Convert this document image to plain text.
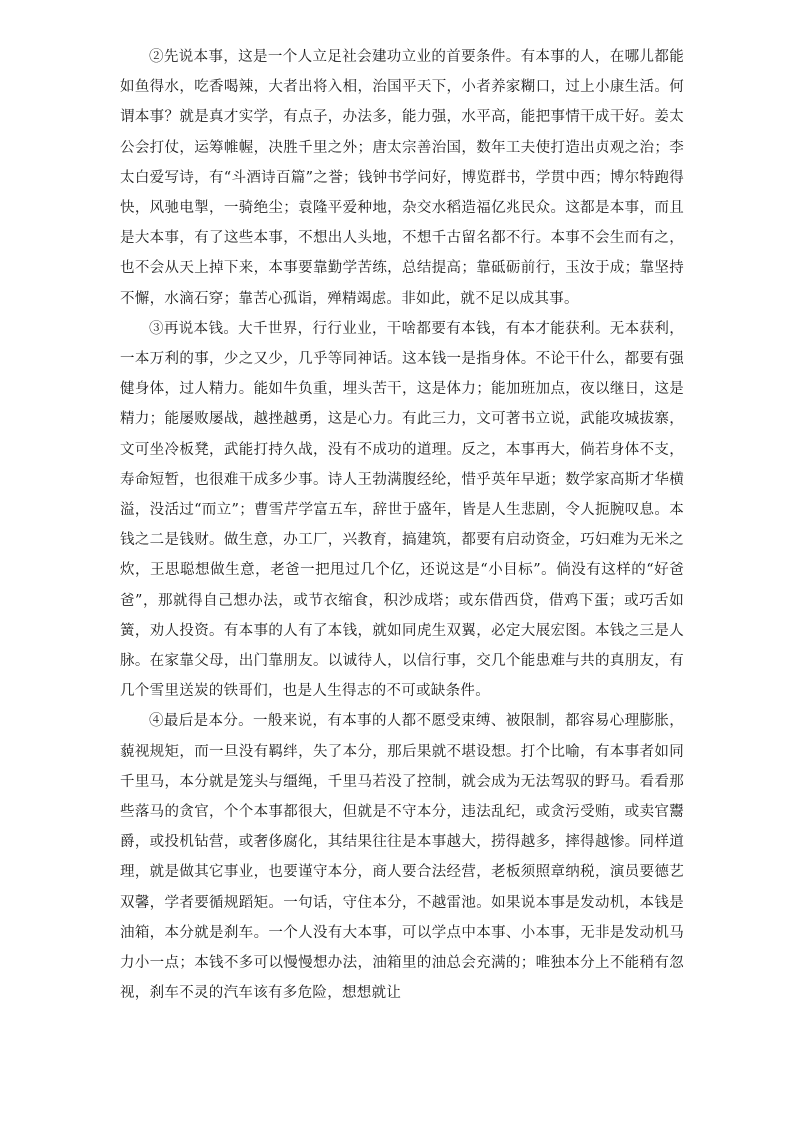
②先说本事，这是一个人立足社会建功立业的首要条件。有本事的人，在哪儿都能如鱼得水，吃香喝辣，大者出将入相，治国平天下，小者养家糊口，过上小康生活。何谓本事？就是真才实学，有点子，办法多，能力强，水平高，能把事情干成干好。姜太公会打仗，运筹帷幄，决胜千里之外；唐太宗善治国，数年工夫使打造出贞观之治；李太白爱写诗，有“斗酒诗百篇”之誉；钱钟书学问好，博览群书，学贯中西；博尔特跑得快，风驰电掣，一骑绝尘；袁隆平爱种地，杂交水稻造福亿兆民众。这都是本事，而且是大本事，有了这些本事，不想出人头地，不想千古留名都不行。本事不会生而有之，也不会从天上掉下来，本事要靠勤学苦练，总结提高；靠砥砺前行，玉汝于成；靠坚持不懈，水滴石穿；靠苦心孤诣，殚精竭虑。非如此，就不足以成其事。

③再说本钱。大千世界，行行业业，干啥都要有本钱，有本才能获利。无本获利，一本万利的事，少之又少，几乎等同神话。这本钱一是指身体。不论干什么，都要有强健身体，过人精力。能如牛负重，埋头苦干，这是体力；能加班加点，夜以继日，这是精力；能屡败屡战，越挫越勇，这是心力。有此三力，文可著书立说，武能攻城拔寨，文可坐冷板凳，武能打持久战，没有不成功的道理。反之，本事再大，倘若身体不支，寿命短暂，也很难干成多少事。诗人王勃满腹经纶，惜乎英年早逝；数学家高斯才华横溢，没活过“而立”；曹雪芹学富五车，辞世于盛年，皆是人生悲剧，令人扼腕叹息。本钱之二是钱财。做生意，办工厂，兴教育，搞建筑，都要有启动资金，巧妇难为无米之炊，王思聪想做生意，老爸一把甩过几个亿，还说这是“小目标”。倘没有这样的“好爸爸”，那就得自己想办法，或节衣缩食，积沙成塔；或东借西贷，借鸡下蛋；或巧舌如簧，劝人投资。有本事的人有了本钱，就如同虎生双翼，必定大展宏图。本钱之三是人脉。在家靠父母，出门靠朋友。以诚待人，以信行事，交几个能患难与共的真朋友，有几个雪里送炭的铁哥们，也是人生得志的不可或缺条件。

④最后是本分。一般来说，有本事的人都不愿受束缚、被限制，都容易心理膨胀，藐视规矩，而一旦没有羁绊，失了本分，那后果就不堪设想。打个比喻，有本事者如同千里马，本分就是笼头与缰绳，千里马若没了控制，就会成为无法驾驭的野马。看看那些落马的贪官，个个本事都很大，但就是不守本分，违法乱纪，或贪污受贿，或卖官鬻爵，或投机钻营，或奢侈腐化，其结果往往是本事越大，捞得越多，摔得越惨。同样道理，就是做其它事业，也要谨守本分，商人要合法经营，老板须照章纳税，演员要德艺双馨，学者要循规蹈矩。一句话，守住本分，不越雷池。如果说本事是发动机，本钱是油箱，本分就是刹车。一个人没有大本事，可以学点中本事、小本事，无非是发动机马力小一点；本钱不多可以慢慢想办法，油箱里的油总会充满的；唯独本分上不能稍有忽视，刹车不灵的汽车该有多危险，想想就让
